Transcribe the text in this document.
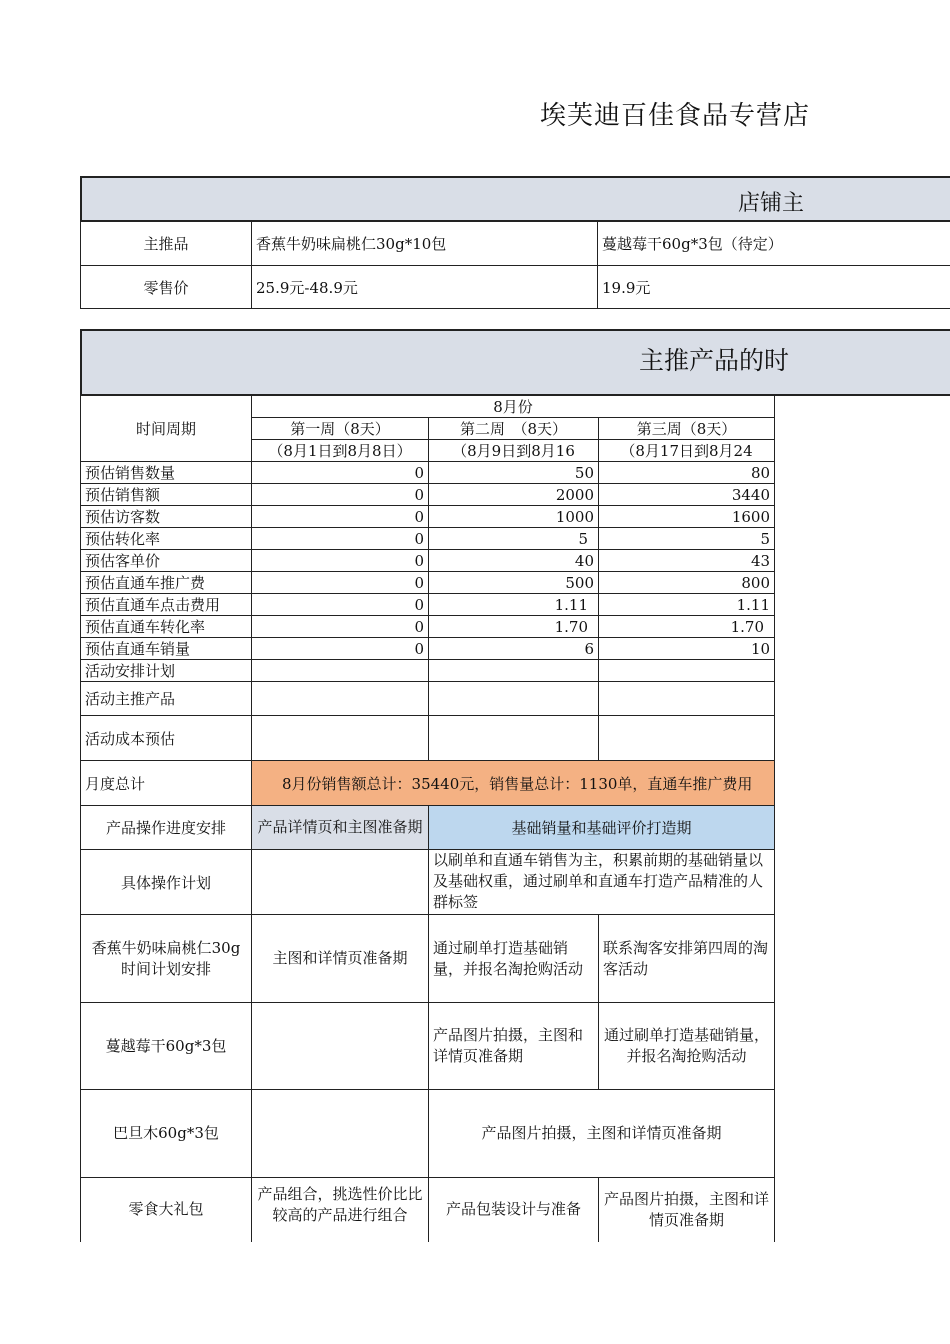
埃芙迪百佳食品专营店
店铺主
主推品	香蕉牛奶味扁桃仁30g*10包	蔓越莓干60g*3包（待定）
零售价	25.9元-48.9元	19.9元
主推产品的时
时间周期	8月份		
	第一周（8天）	第二周　（8天）	第三周（8天）
	（8月1日到8月8日）	（8月9日到8月16	（8月17日到8月24
预估销售数量	0	50	80
预估销售额	0	2000	3440
预估访客数	0	1000	1600
预估转化率	0	5	5
预估客单价	0	40	43
预估直通车推广费	0	500	800
预估直通车点击费用	0	1.11	1.11
预估直通车转化率	0	1.70	1.70
预估直通车销量	0	6	10
活动安排计划			
活动主推产品			
活动成本预估			
月度总计	8月份销售额总计：35440元，销售量总计：1130单，直通车推广费用		
产品操作进度安排	产品详情页和主图准备期	基础销量和基础评价打造期	
具体操作计划		以刷单和直通车销售为主，积累前期的基础销量以及基础权重，通过刷单和直通车打造产品精准的人群标签	
香蕉牛奶味扁桃仁30g时间计划安排	主图和详情页准备期	通过刷单打造基础销量，并报名淘抢购活动	联系淘客安排第四周的淘客活动
蔓越莓干60g*3包		产品图片拍摄，主图和详情页准备期	通过刷单打造基础销量，并报名淘抢购活动
巴旦木60g*3包		产品图片拍摄，主图和详情页准备期	
零食大礼包	产品组合，挑选性价比比较高的产品进行组合	产品包装设计与准备	产品图片拍摄，主图和详情页准备期
